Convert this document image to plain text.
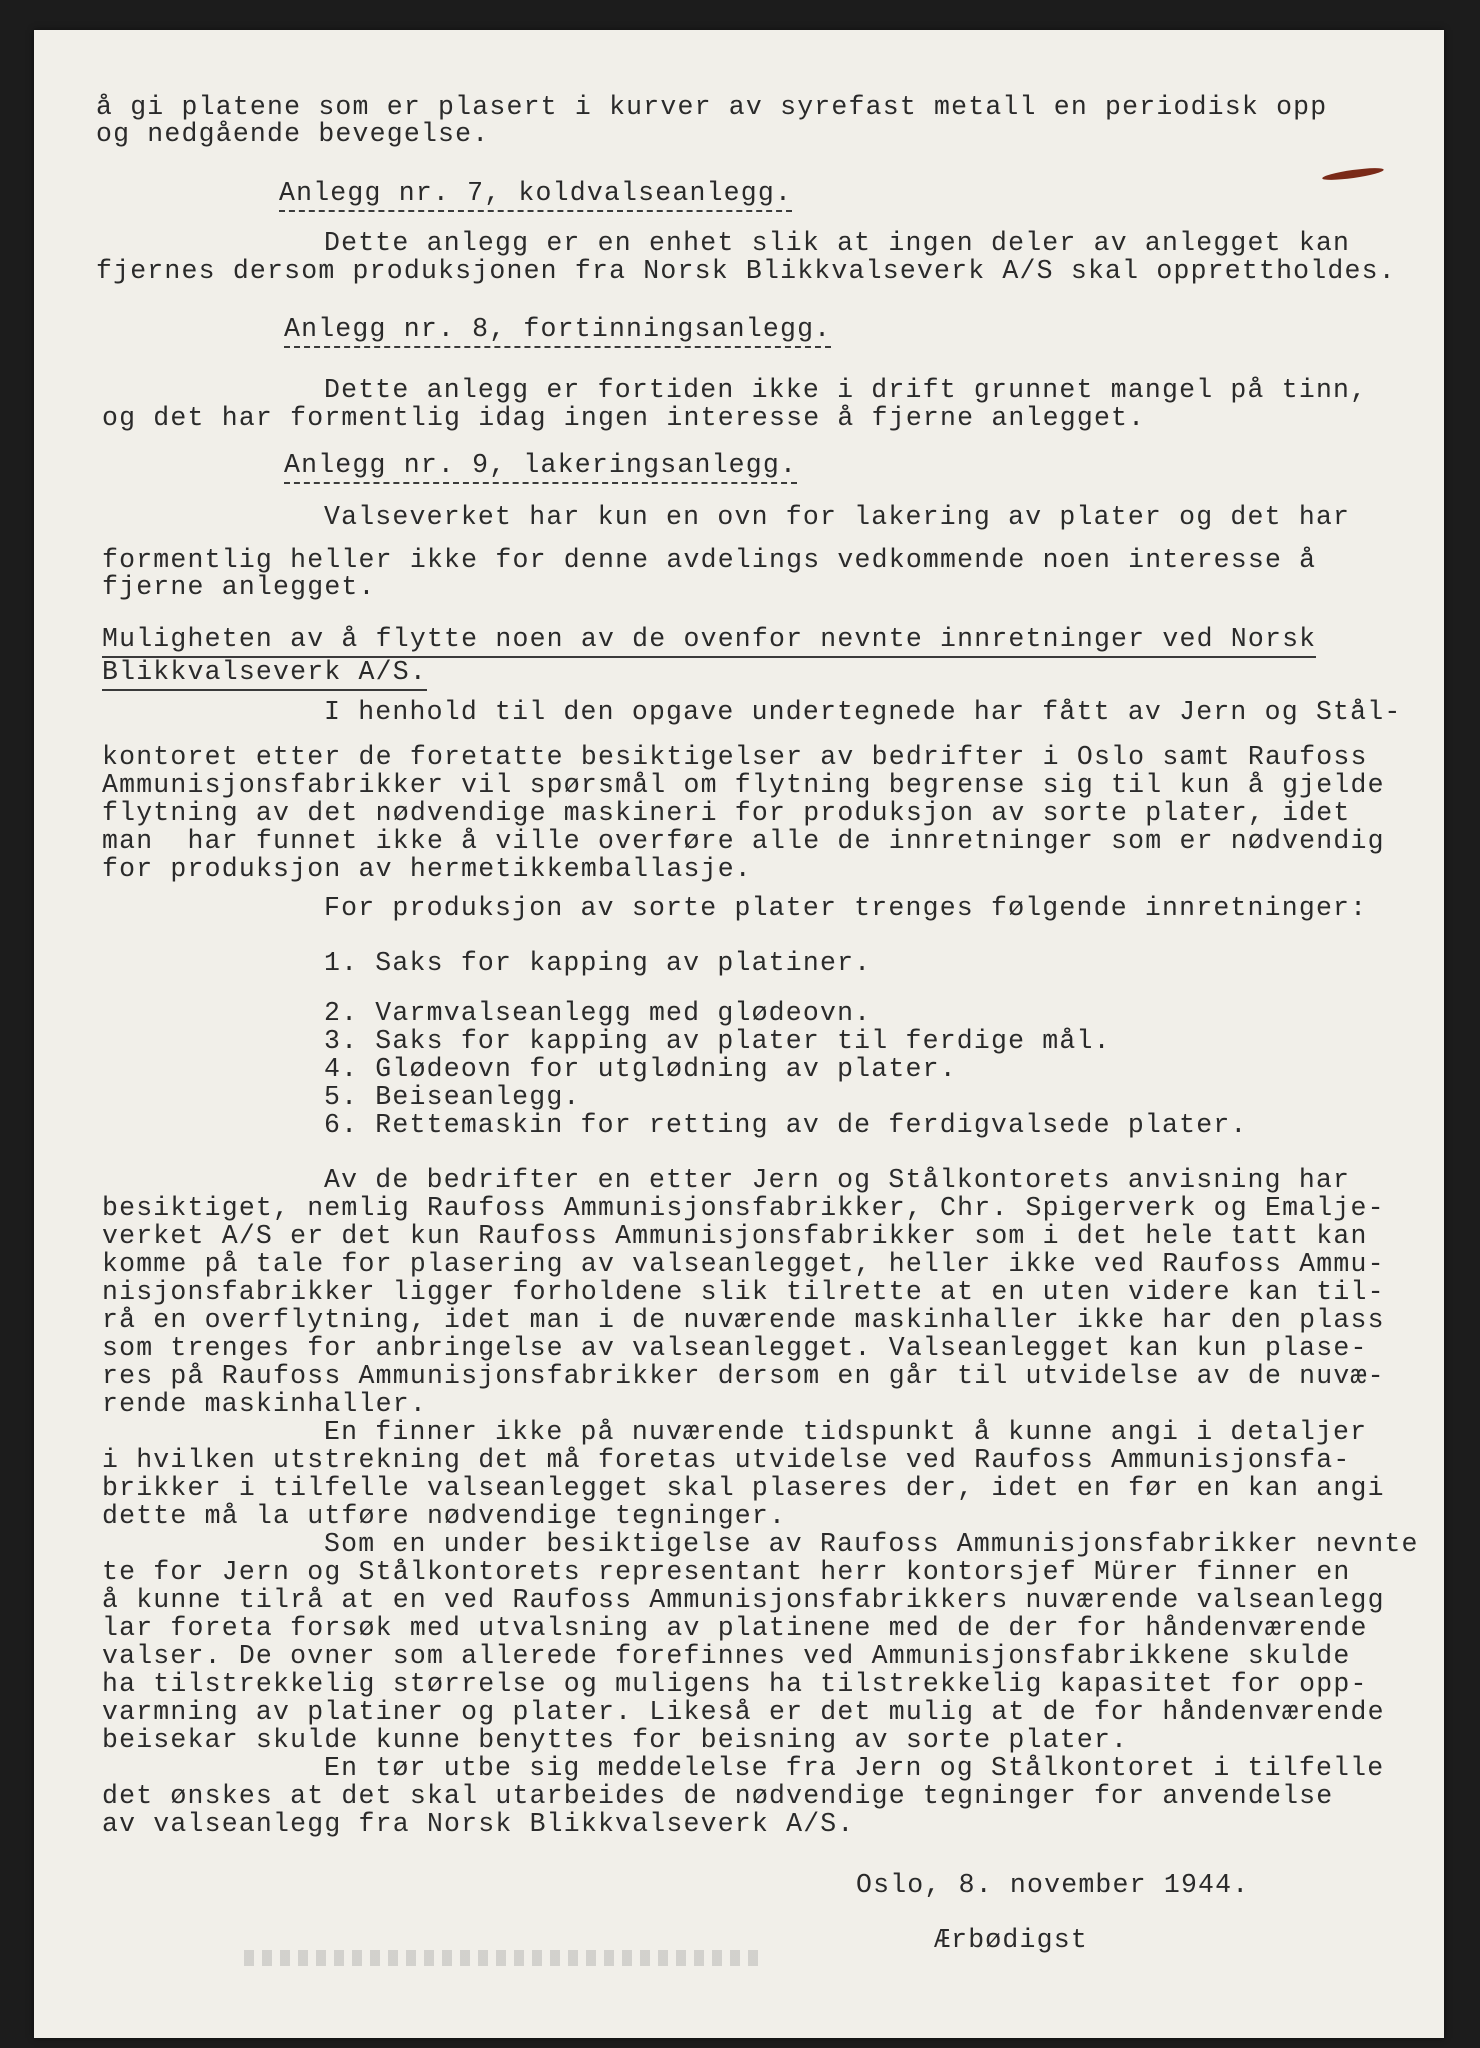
å gi platene som er plasert i kurver av syrefast metall en periodisk opp
og nedgående bevegelse.
Anlegg nr. 7, koldvalseanlegg.
Dette anlegg er en enhet slik at ingen deler av anlegget kan
fjernes dersom produksjonen fra Norsk Blikkvalseverk A/S skal opprettholdes.
Anlegg nr. 8, fortinningsanlegg.
Dette anlegg er fortiden ikke i drift grunnet mangel på tinn,
og det har formentlig idag ingen interesse å fjerne anlegget.
Anlegg nr. 9, lakeringsanlegg.
Valseverket har kun en ovn for lakering av plater og det har
formentlig heller ikke for denne avdelings vedkommende noen interesse å
fjerne anlegget.
Muligheten av å flytte noen av de ovenfor nevnte innretninger ved Norsk
Blikkvalseverk A/S.
I henhold til den opgave undertegnede har fått av Jern og Stål-
kontoret etter de foretatte besiktigelser av bedrifter i Oslo samt Raufoss
Ammunisjonsfabrikker vil spørsmål om flytning begrense sig til kun å gjelde
flytning av det nødvendige maskineri for produksjon av sorte plater, idet
man  har funnet ikke å ville overføre alle de innretninger som er nødvendig
for produksjon av hermetikkemballasje.
For produksjon av sorte plater trenges følgende innretninger:
1. Saks for kapping av platiner.
2. Varmvalseanlegg med glødeovn.
3. Saks for kapping av plater til ferdige mål.
4. Glødeovn for utglødning av plater.
5. Beiseanlegg.
6. Rettemaskin for retting av de ferdigvalsede plater.
Av de bedrifter en etter Jern og Stålkontorets anvisning har
besiktiget, nemlig Raufoss Ammunisjonsfabrikker, Chr. Spigerverk og Emalje-
verket A/S er det kun Raufoss Ammunisjonsfabrikker som i det hele tatt kan
komme på tale for plasering av valseanlegget, heller ikke ved Raufoss Ammu-
nisjonsfabrikker ligger forholdene slik tilrette at en uten videre kan til-
rå en overflytning, idet man i de nuværende maskinhaller ikke har den plass
som trenges for anbringelse av valseanlegget. Valseanlegget kan kun plase-
res på Raufoss Ammunisjonsfabrikker dersom en går til utvidelse av de nuvæ-
rende maskinhaller.
En finner ikke på nuværende tidspunkt å kunne angi i detaljer
i hvilken utstrekning det må foretas utvidelse ved Raufoss Ammunisjonsfa-
brikker i tilfelle valseanlegget skal plaseres der, idet en før en kan angi
dette må la utføre nødvendige tegninger.
Som en under besiktigelse av Raufoss Ammunisjonsfabrikker nevnte
te for Jern og Stålkontorets representant herr kontorsjef Mürer finner en
å kunne tilrå at en ved Raufoss Ammunisjonsfabrikkers nuværende valseanlegg
lar foreta forsøk med utvalsning av platinene med de der for håndenværende
valser. De ovner som allerede forefinnes ved Ammunisjonsfabrikkene skulde
ha tilstrekkelig størrelse og muligens ha tilstrekkelig kapasitet for opp-
varmning av platiner og plater. Likeså er det mulig at de for håndenværende
beisekar skulde kunne benyttes for beisning av sorte plater.
En tør utbe sig meddelelse fra Jern og Stålkontoret i tilfelle
det ønskes at det skal utarbeides de nødvendige tegninger for anvendelse
av valseanlegg fra Norsk Blikkvalseverk A/S.
Oslo, 8. november 1944.
Ærbødigst
